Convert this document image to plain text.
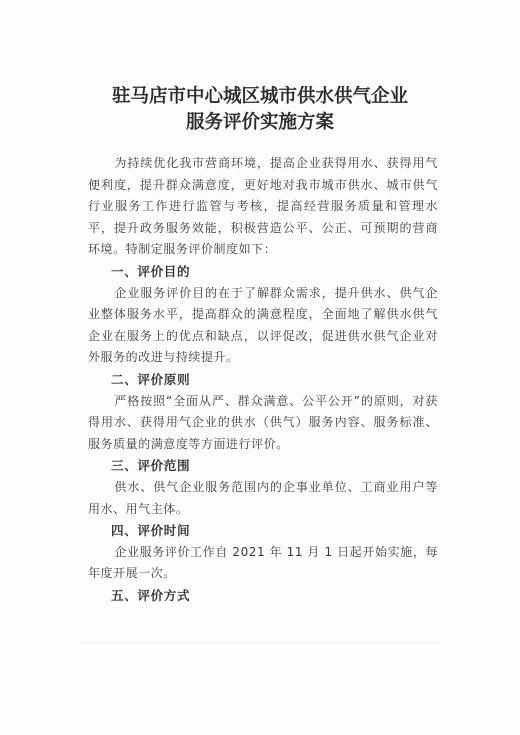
驻马店市中心城区城市供水供气企业
服务评价实施方案

为持续优化我市营商环境，提高企业获得用水、获得用气便利度，提升群众满意度，更好地对我市城市供水、城市供气行业服务工作进行监管与考核，提高经营服务质量和管理水平，提升政务服务效能，积极营造公平、公正、可预期的营商环境。特制定服务评价制度如下：

一、评价目的

企业服务评价目的在于了解群众需求，提升供水、供气企业整体服务水平，提高群众的满意程度，全面地了解供水供气企业在服务上的优点和缺点，以评促改，促进供水供气企业对外服务的改进与持续提升。

二、评价原则

严格按照“全面从严、群众满意、公平公开”的原则，对获得用水、获得用气企业的供水（供气）服务内容、服务标准、服务质量的满意度等方面进行评价。

三、评价范围

供水、供气企业服务范围内的企事业单位、工商业用户等用水、用气主体。

四、评价时间

企业服务评价工作自 2021 年 11 月 1 日起开始实施，每年度开展一次。

五、评价方式
